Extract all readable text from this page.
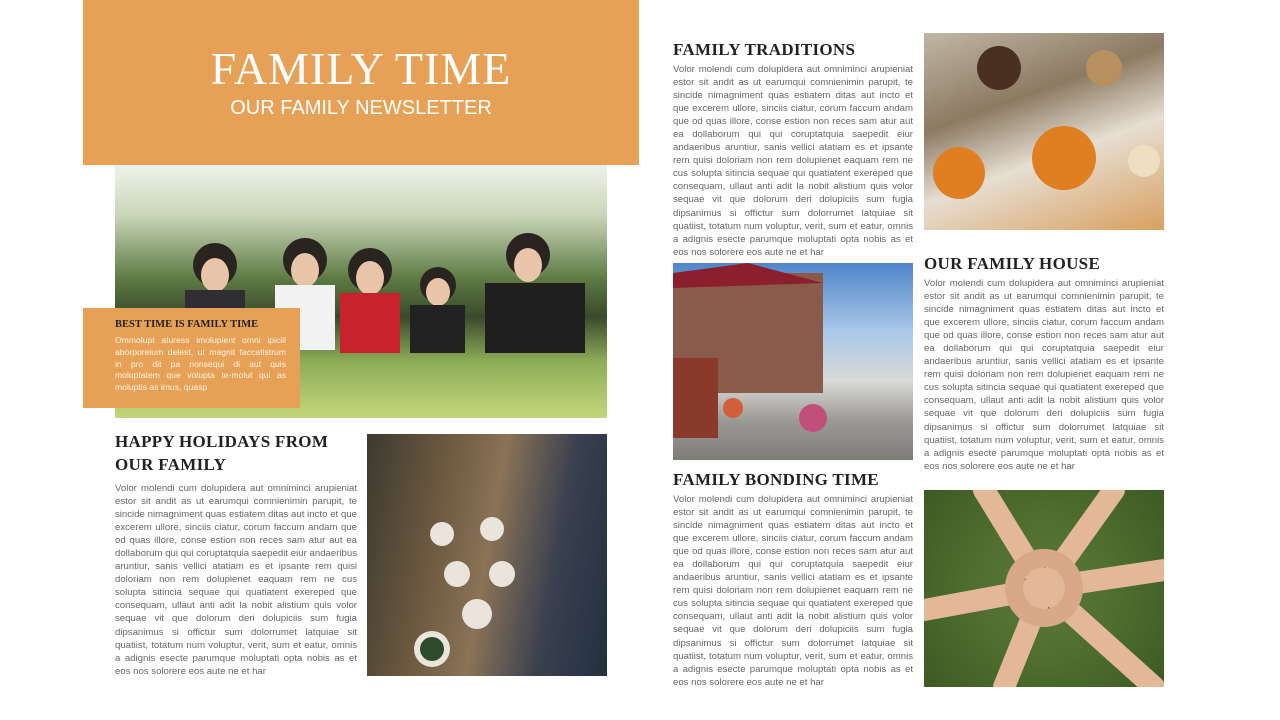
FAMILY TIME
OUR FAMILY NEWSLETTER
BEST TIME IS FAMILY TIME
Ommolupt aturess imolupient omni ipicill aborporeium delest, ut magnit faccatistrum in pro dit pa nonsequi di aut quis moluptatem que volupta te-molut qui as moluptis as imus, quasp
HAPPY HOLIDAYS FROM OUR FAMILY
Volor molendi cum dolupidera aut omniminci arupieniat estor sit andit as ut earumqui comnienimin parupit, te sincide nimagniment quas estiatem ditas aut incto et que excerem ullore, sinciis ciatur, corum faccum andam que od quas illore, conse estion non reces sam atur aut ea dollaborum qui qui coruptatquia saepedit eiur andaeribus aruntiur, sanis vellici atatiam es et ipsante rem quisi doloriam non rem dolupienet eaquam rem ne cus solupta sitincia sequae qui quatiatent exereped que consequam, ullaut anti adit la nobit alistium quis volor sequae vit que dolorum deri dolupiciis sum fugia dipsanimus si offictur sum dolorrumet latquiae sit quatiist, totatum num voluptur, verit, sum et eatur, omnis a adignis esecte parumque moluptati opta nobis as et eos nos solorere eos aute ne et har
FAMILY TRADITIONS
Volor molendi cum dolupidera aut omniminci arupieniat estor sit andit as ut earumqui comnienimin parupit, te sincide nimagniment quas estiatem ditas aut incto et que excerem ullore, sinciis ciatur, corum faccum andam que od quas illore, conse estion non reces sam atur aut ea dollaborum qui qui coruptatquia saepedit eiur andaeribus aruntiur, sanis vellici atatiam es et ipsante rem quisi doloriam non rem dolupienet eaquam rem ne cus solupta sitincia sequae qui quatiatent exereped que consequam, ullaut anti adit la nobit alistium quis volor sequae vit que dolorum deri dolupiciis sum fugia dipsanimus si offictur sum dolorrumet latquiae sit quatiist, totatum num voluptur, verit, sum et eatur, omnis a adignis esecte parumque moluptati opta nobis as et eos nos solorere eos aute ne et har
OUR FAMILY HOUSE
Volor molendi cum dolupidera aut omniminci arupieniat estor sit andit as ut earumqui comnienimin parupit, te sincide nimagniment quas estiatem ditas aut incto et que excerem ullore, sinciis ciatur, corum faccum andam que od quas illore, conse estion non reces sam atur aut ea dollaborum qui qui coruptatquia saepedit eiur andaeribus aruntiur, sanis vellici atatiam es et ipsante rem quisi doloriam non rem dolupienet eaquam rem ne cus solupta sitincia sequae qui quatiatent exereped que consequam, ullaut anti adit la nobit alistium quis volor sequae vit que dolorum deri dolupiciis sum fugia dipsanimus si offictur sum dolorrumet latquiae sit quatiist, totatum num voluptur, verit, sum et eatur, omnis a adignis esecte parumque moluptati opta nobis as et eos nos solorere eos aute ne et har
FAMILY BONDING TIME
Volor molendi cum dolupidera aut omniminci arupieniat estor sit andit as ut earumqui comnienimin parupit, te sincide nimagniment quas estiatem ditas aut incto et que excerem ullore, sinciis ciatur, corum faccum andam que od quas illore, conse estion non reces sam atur aut ea dollaborum qui qui coruptatquia saepedit eiur andaeribus aruntiur, sanis vellici atatiam es et ipsante rem quisi doloriam non rem dolupienet eaquam rem ne cus solupta sitincia sequae qui quatiatent exereped que consequam, ullaut anti adit la nobit alistium quis volor sequae vit que dolorum deri dolupiciis sum fugia dipsanimus si offictur sum dolorrumet latquiae sit quatiist, totatum num voluptur, verit, sum et eatur, omnis a adignis esecte parumque moluptati opta nobis as et eos nos solorere eos aute ne et har
